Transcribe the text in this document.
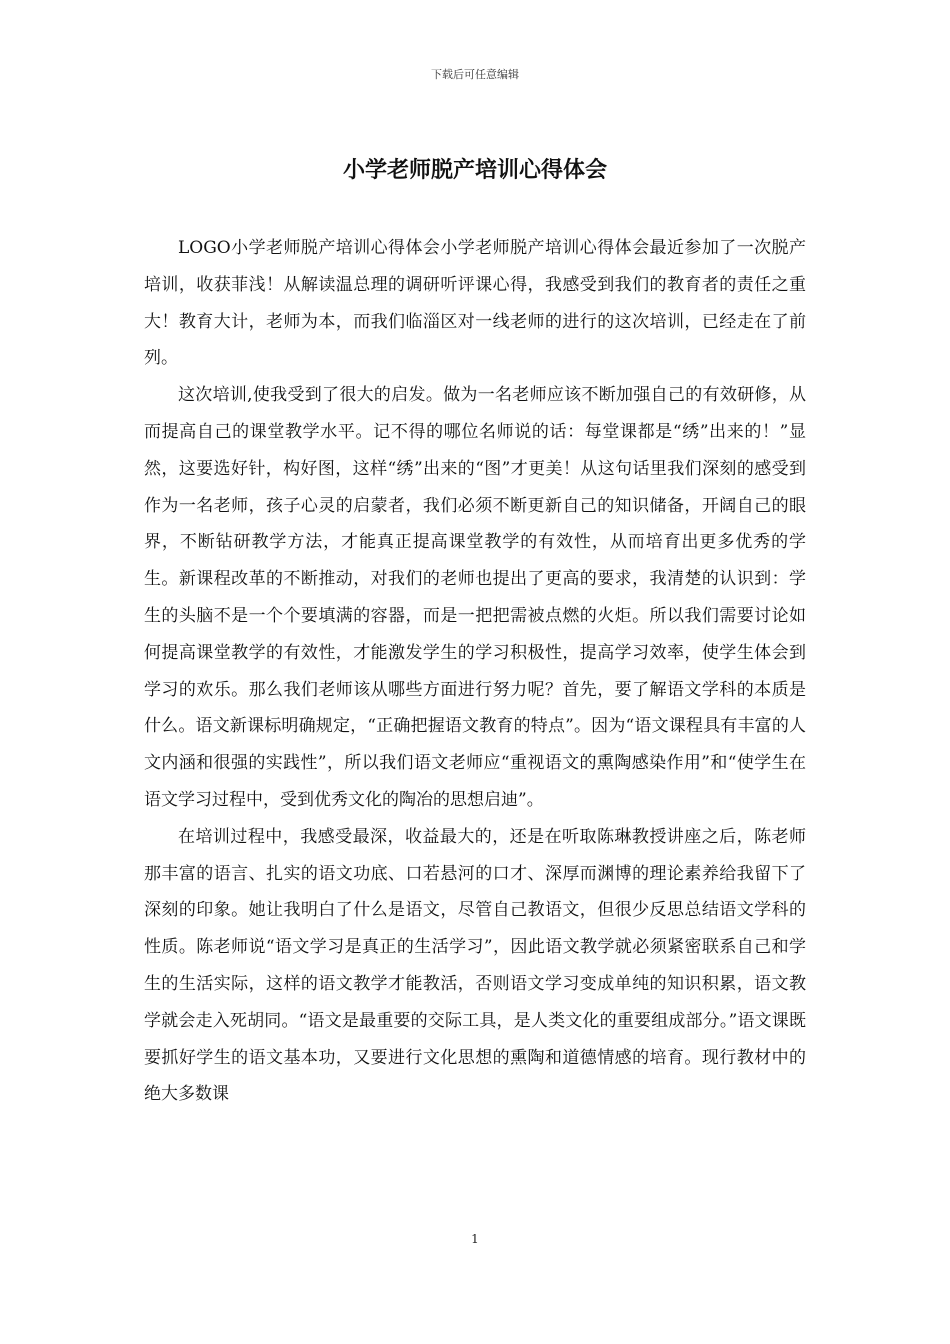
下载后可任意编辑
小学老师脱产培训心得体会

LOGO小学老师脱产培训心得体会小学老师脱产培训心得体会最近参加了一次脱产培训，收获菲浅！从解读温总理的调研听评课心得，我感受到我们的教育者的责任之重大！教育大计，老师为本，而我们临淄区对一线老师的进行的这次培训，已经走在了前列。

这次培训,使我受到了很大的启发。做为一名老师应该不断加强自己的有效研修，从而提高自己的课堂教学水平。记不得的哪位名师说的话：每堂课都是“绣”出来的！”显然，这要选好针，构好图，这样“绣”出来的“图”才更美！从这句话里我们深刻的感受到作为一名老师，孩子心灵的启蒙者，我们必须不断更新自己的知识储备，开阔自己的眼界，不断钻研教学方法，才能真正提高课堂教学的有效性，从而培育出更多优秀的学生。新课程改革的不断推动，对我们的老师也提出了更高的要求，我清楚的认识到：学生的头脑不是一个个要填满的容器，而是一把把需被点燃的火炬。所以我们需要讨论如何提高课堂教学的有效性，才能激发学生的学习积极性，提高学习效率，使学生体会到学习的欢乐。那么我们老师该从哪些方面进行努力呢？首先，要了解语文学科的本质是什么。语文新课标明确规定，“正确把握语文教育的特点”。因为“语文课程具有丰富的人文内涵和很强的实践性”，所以我们语文老师应“重视语文的熏陶感染作用”和“使学生在语文学习过程中，受到优秀文化的陶冶的思想启迪”。

在培训过程中，我感受最深，收益最大的，还是在听取陈琳教授讲座之后，陈老师那丰富的语言、扎实的语文功底、口若悬河的口才、深厚而渊博的理论素养给我留下了深刻的印象。她让我明白了什么是语文，尽管自己教语文，但很少反思总结语文学科的性质。陈老师说“语文学习是真正的生活学习”，因此语文教学就必须紧密联系自己和学生的生活实际，这样的语文教学才能教活，否则语文学习变成单纯的知识积累，语文教学就会走入死胡同。“语文是最重要的交际工具，是人类文化的重要组成部分。”语文课既要抓好学生的语文基本功，又要进行文化思想的熏陶和道德情感的培育。现行教材中的绝大多数课

1
